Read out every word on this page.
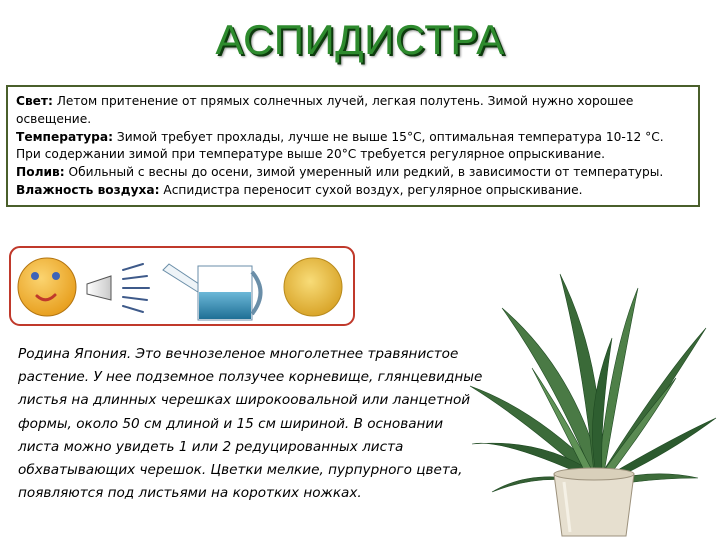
АСПИДИСТРА

Свет: Летом притенение от прямых солнечных лучей, легкая полутень. Зимой нужно хорошее освещение.

Температура: Зимой требует прохлады, лучше не выше 15°С, оптимальная температура 10-12 °С. При содержании зимой при температуре выше 20°С требуется регулярное опрыскивание.

Полив: Обильный с весны до осени, зимой умеренный или редкий, в зависимости от температуры.

Влажность воздуха: Аспидистра переносит сухой воздух, регулярное опрыскивание.

Родина Япония. Это вечнозеленое многолетнее травянистое растение. У нее подземное ползучее корневище, глянцевидные листья на длинных черешках широкоовальной или ланцетной формы, около 50 см длиной и 15 см шириной. В основании листа можно увидеть 1 или 2 редуцированных листа обхватывающих черешок. Цветки мелкие, пурпурного цвета, появляются под листьями на коротких ножках.
